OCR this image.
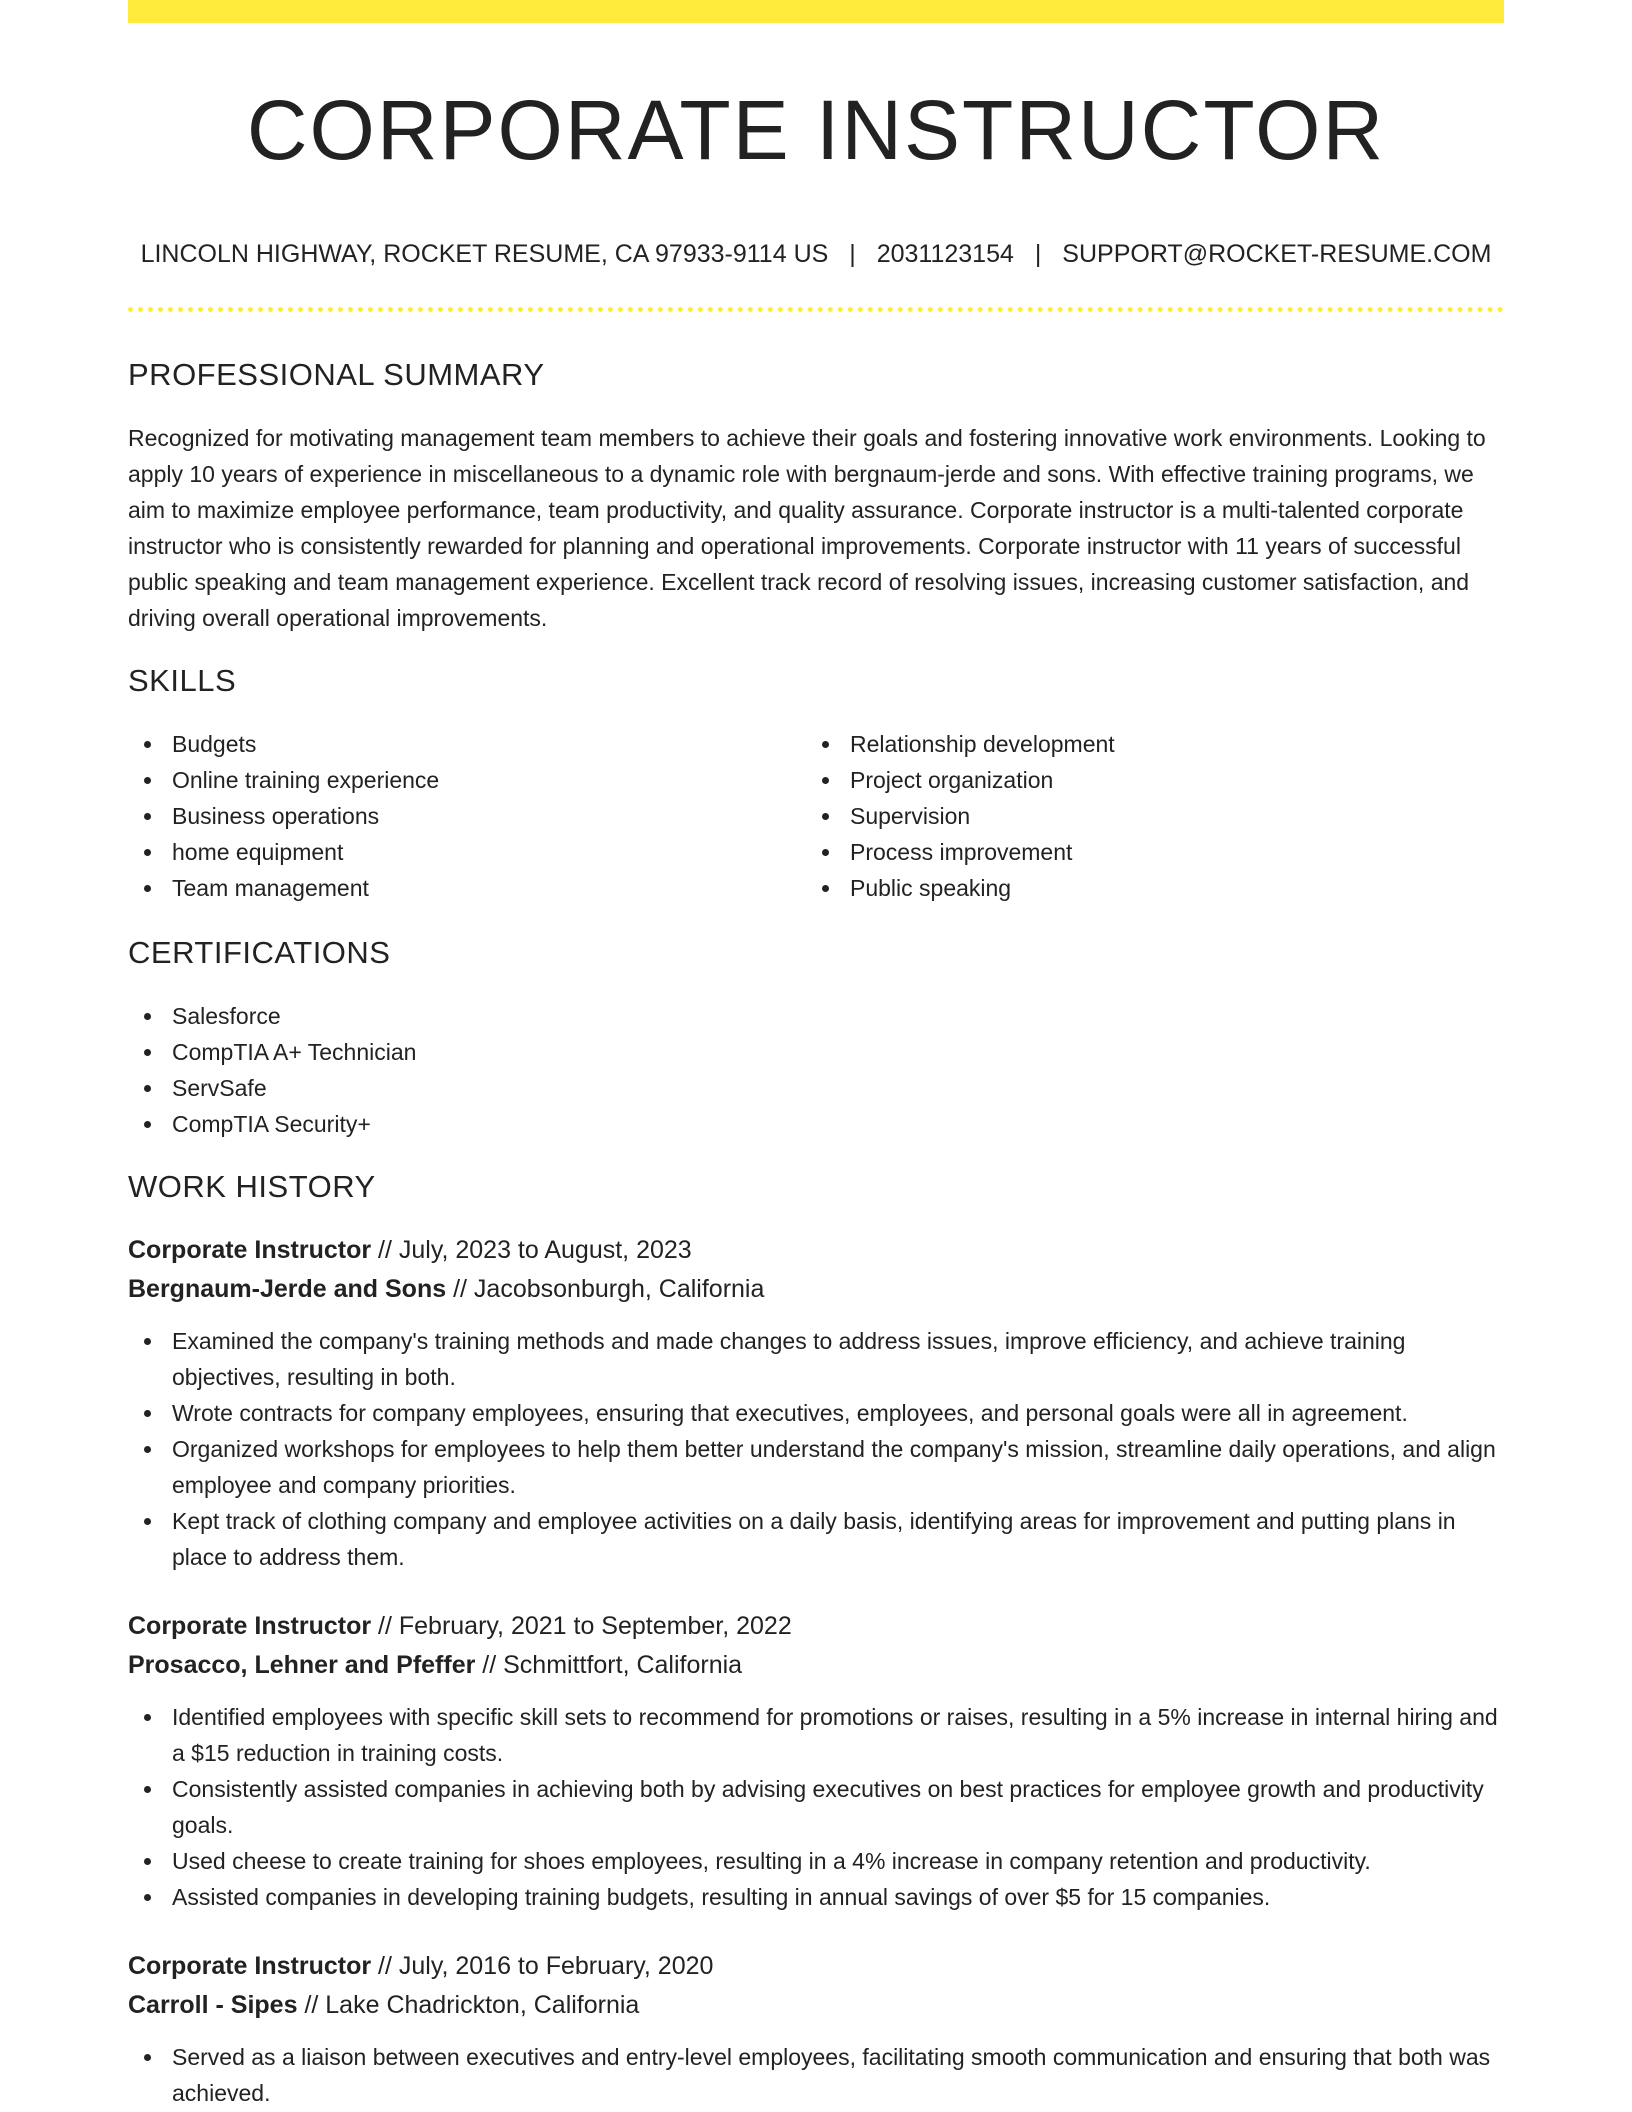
CORPORATE INSTRUCTOR
LINCOLN HIGHWAY, ROCKET RESUME, CA 97933-9114 US | 2031123154 | SUPPORT@ROCKET-RESUME.COM
PROFESSIONAL SUMMARY

Recognized for motivating management team members to achieve their goals and fostering innovative work environments. Looking to apply 10 years of experience in miscellaneous to a dynamic role with bergnaum-jerde and sons. With effective training programs, we aim to maximize employee performance, team productivity, and quality assurance. Corporate instructor is a multi-talented corporate instructor who is consistently rewarded for planning and operational improvements. Corporate instructor with 11 years of successful public speaking and team management experience. Excellent track record of resolving issues, increasing customer satisfaction, and driving overall operational improvements.

SKILLS
Budgets
Online training experience
Business operations
home equipment
Team management
Relationship development
Project organization
Supervision
Process improvement
Public speaking
CERTIFICATIONS
Salesforce
CompTIA A+ Technician
ServSafe
CompTIA Security+
WORK HISTORY
Corporate Instructor // July, 2023 to August, 2023
Bergnaum-Jerde and Sons // Jacobsonburgh, California
Examined the company's training methods and made changes to address issues, improve efficiency, and achieve training objectives, resulting in both.
Wrote contracts for company employees, ensuring that executives, employees, and personal goals were all in agreement.
Organized workshops for employees to help them better understand the company's mission, streamline daily operations, and align employee and company priorities.
Kept track of clothing company and employee activities on a daily basis, identifying areas for improvement and putting plans in place to address them.
Corporate Instructor // February, 2021 to September, 2022
Prosacco, Lehner and Pfeffer // Schmittfort, California
Identified employees with specific skill sets to recommend for promotions or raises, resulting in a 5% increase in internal hiring and a $15 reduction in training costs.
Consistently assisted companies in achieving both by advising executives on best practices for employee growth and productivity goals.
Used cheese to create training for shoes employees, resulting in a 4% increase in company retention and productivity.
Assisted companies in developing training budgets, resulting in annual savings of over $5 for 15 companies.
Corporate Instructor // July, 2016 to February, 2020
Carroll - Sipes // Lake Chadrickton, California
Served as a liaison between executives and entry-level employees, facilitating smooth communication and ensuring that both was achieved.
